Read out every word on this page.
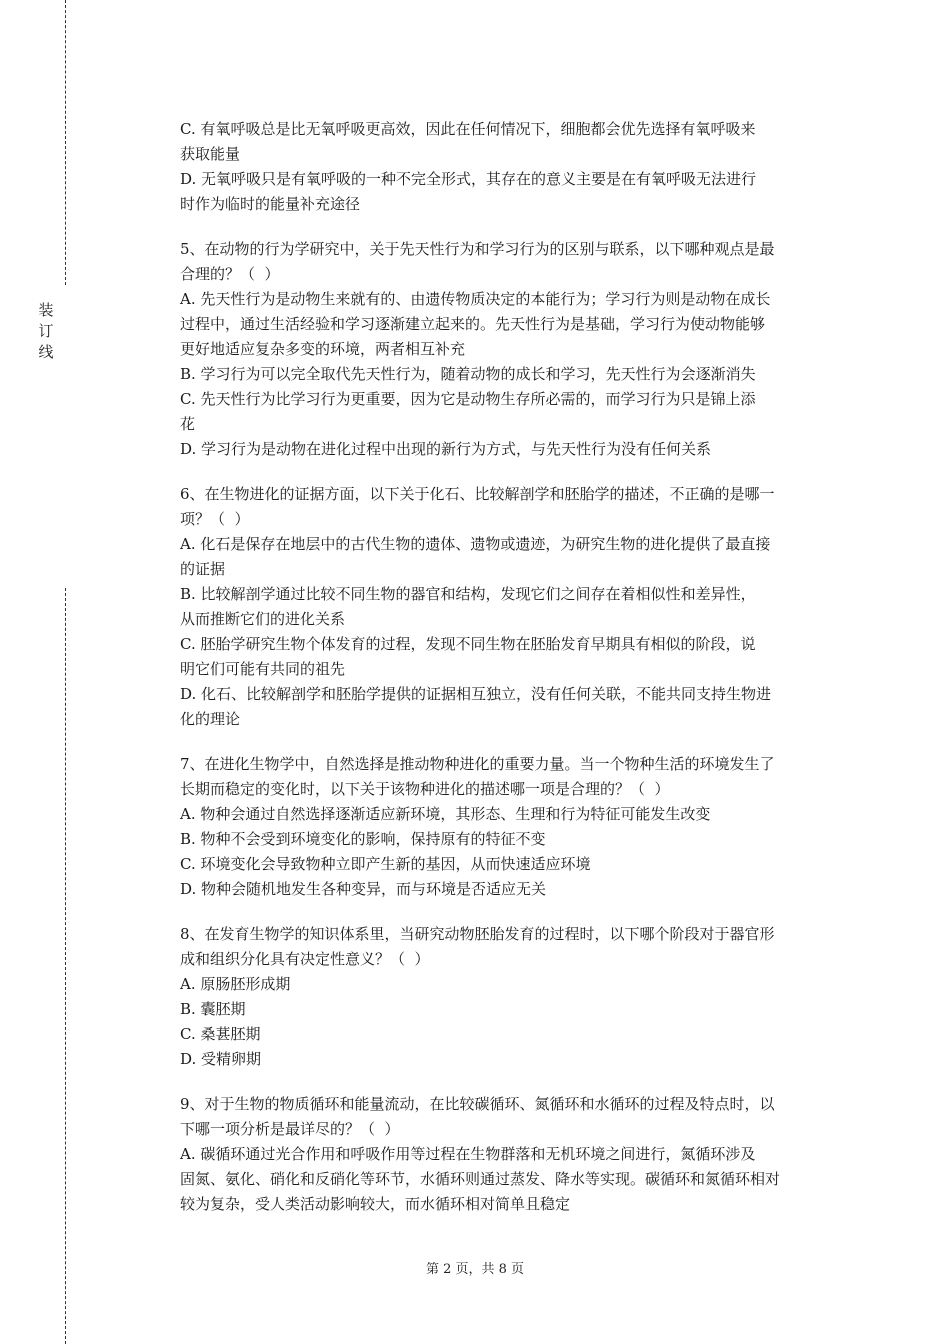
装
订
线
C. 有氧呼吸总是比无氧呼吸更高效，因此在任何情况下，细胞都会优先选择有氧呼吸来
获取能量
D. 无氧呼吸只是有氧呼吸的一种不完全形式，其存在的意义主要是在有氧呼吸无法进行
时作为临时的能量补充途径
5、在动物的行为学研究中，关于先天性行为和学习行为的区别与联系，以下哪种观点是最
合理的？（  ）
A. 先天性行为是动物生来就有的、由遗传物质决定的本能行为；学习行为则是动物在成长
过程中，通过生活经验和学习逐渐建立起来的。先天性行为是基础，学习行为使动物能够
更好地适应复杂多变的环境，两者相互补充
B. 学习行为可以完全取代先天性行为，随着动物的成长和学习，先天性行为会逐渐消失
C. 先天性行为比学习行为更重要，因为它是动物生存所必需的，而学习行为只是锦上添
花
D. 学习行为是动物在进化过程中出现的新行为方式，与先天性行为没有任何关系
6、在生物进化的证据方面，以下关于化石、比较解剖学和胚胎学的描述，不正确的是哪一
项？（  ）
A. 化石是保存在地层中的古代生物的遗体、遗物或遗迹，为研究生物的进化提供了最直接
的证据
B. 比较解剖学通过比较不同生物的器官和结构，发现它们之间存在着相似性和差异性，
从而推断它们的进化关系
C. 胚胎学研究生物个体发育的过程，发现不同生物在胚胎发育早期具有相似的阶段，说
明它们可能有共同的祖先
D. 化石、比较解剖学和胚胎学提供的证据相互独立，没有任何关联，不能共同支持生物进
化的理论
7、在进化生物学中，自然选择是推动物种进化的重要力量。当一个物种生活的环境发生了
长期而稳定的变化时，以下关于该物种进化的描述哪一项是合理的？（  ）
A. 物种会通过自然选择逐渐适应新环境，其形态、生理和行为特征可能发生改变
B. 物种不会受到环境变化的影响，保持原有的特征不变
C. 环境变化会导致物种立即产生新的基因，从而快速适应环境
D. 物种会随机地发生各种变异，而与环境是否适应无关
8、在发育生物学的知识体系里，当研究动物胚胎发育的过程时，以下哪个阶段对于器官形
成和组织分化具有决定性意义？（  ）
A. 原肠胚形成期
B. 囊胚期
C. 桑葚胚期
D. 受精卵期
9、对于生物的物质循环和能量流动，在比较碳循环、氮循环和水循环的过程及特点时，以
下哪一项分析是最详尽的？（  ）
A. 碳循环通过光合作用和呼吸作用等过程在生物群落和无机环境之间进行，氮循环涉及
固氮、氨化、硝化和反硝化等环节，水循环则通过蒸发、降水等实现。碳循环和氮循环相对
较为复杂，受人类活动影响较大，而水循环相对简单且稳定
第 2 页，共 8 页
